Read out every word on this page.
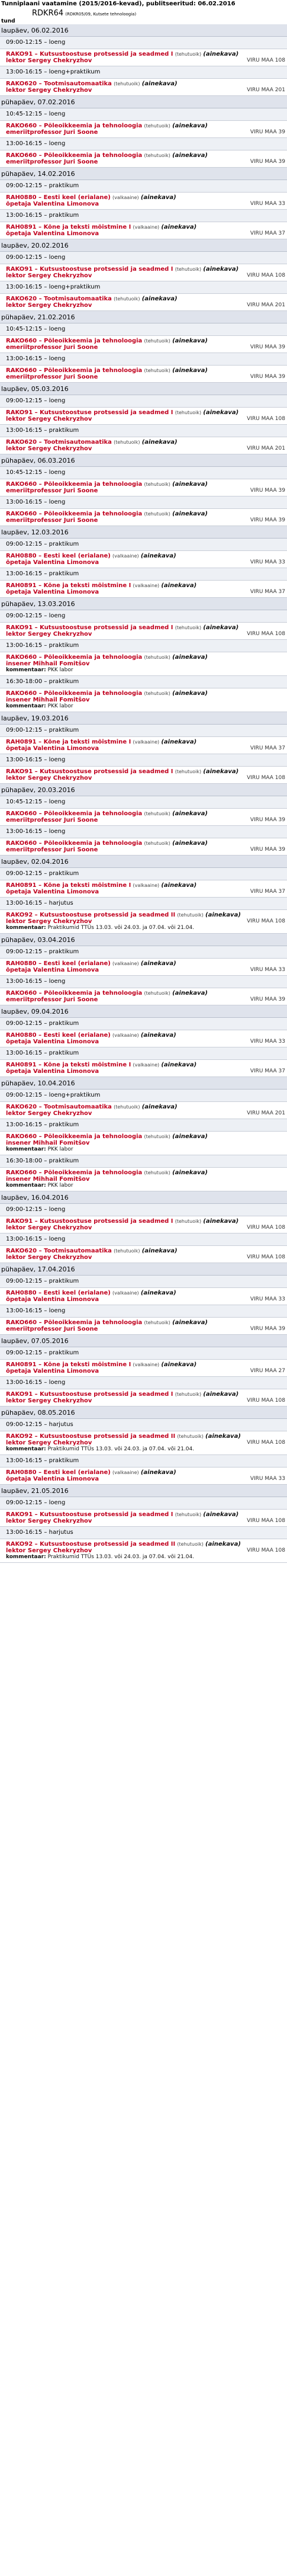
Tunniplaani vaatamine (2015/2016-kevad), publitseeritud: 06.02.2016
RDKR64 (RDKR05/09, Kutsete tehnoloogia)
tund
laupäev, 06.02.2016
09:00-12:15 – loeng
RAKO91 – Kutsustoostuse protsessid ja seadmed I (tehutuoik) (ainekava)
lektor Sergey Chekryzhov	VIRU MAA 108
13:00-16:15 – loeng+praktikum
RAKO620 – Tootmisautomaatika (tehutuoik) (ainekava)
lektor Sergey Chekryzhov	VIRU MAA 201
pühapäev, 07.02.2016
10:45-12:15 – loeng
RAKO660 – Pöleoikkeemia ja tehnoloogia (tehutuoik) (ainekava)
emeriitprofessor Juri Soone	VIRU MAA 39
13:00-16:15 – loeng
RAKO660 – Pöleoikkeemia ja tehnoloogia (tehutuoik) (ainekava)
emeriitprofessor Juri Soone	VIRU MAA 39
pühapäev, 14.02.2016
09:00-12:15 – praktikum
RAH0880 – Eesti keel (erialane) (valkaaine) (ainekava)
õpetaja Valentina Limonova	VIRU MAA 33
13:00-16:15 – praktikum
RAH0891 – Kõne ja teksti mõistmine I (valkaaine) (ainekava)
õpetaja Valentina Limonova	VIRU MAA 37
laupäev, 20.02.2016
09:00-12:15 – loeng
RAKO91 – Kutsustoostuse protsessid ja seadmed I (tehutuoik) (ainekava)
lektor Sergey Chekryzhov	VIRU MAA 108
13:00-16:15 – loeng+praktikum
RAKO620 – Tootmisautomaatika (tehutuoik) (ainekava)
lektor Sergey Chekryzhov	VIRU MAA 201
pühapäev, 21.02.2016
10:45-12:15 – loeng
RAKO660 – Pöleoikkeemia ja tehnoloogia (tehutuoik) (ainekava)
emeriitprofessor Juri Soone	VIRU MAA 39
13:00-16:15 – loeng
RAKO660 – Pöleoikkeemia ja tehnoloogia (tehutuoik) (ainekava)
emeriitprofessor Juri Soone	VIRU MAA 39
laupäev, 05.03.2016
09:00-12:15 – loeng
RAKO91 – Kutsustoostuse protsessid ja seadmed I (tehutuoik) (ainekava)
lektor Sergey Chekryzhov	VIRU MAA 108
13:00-16:15 – praktikum
RAKO620 – Tootmisautomaatika (tehutuoik) (ainekava)
lektor Sergey Chekryzhov	VIRU MAA 201
pühapäev, 06.03.2016
10:45-12:15 – loeng
RAKO660 – Pöleoikkeemia ja tehnoloogia (tehutuoik) (ainekava)
emeriitprofessor Juri Soone	VIRU MAA 39
13:00-16:15 – loeng
RAKO660 – Pöleoikkeemia ja tehnoloogia (tehutuoik) (ainekava)
emeriitprofessor Juri Soone	VIRU MAA 39
laupäev, 12.03.2016
09:00-12:15 – praktikum
RAH0880 – Eesti keel (erialane) (valkaaine) (ainekava)
õpetaja Valentina Limonova	VIRU MAA 33
13:00-16:15 – praktikum
RAH0891 – Kõne ja teksti mõistmine I (valkaaine) (ainekava)
õpetaja Valentina Limonova	VIRU MAA 37
pühapäev, 13.03.2016
09:00-12:15 – loeng
RAKO91 – Kutsustoostuse protsessid ja seadmed I (tehutuoik) (ainekava)
lektor Sergey Chekryzhov	VIRU MAA 108
13:00-16:15 – praktikum
RAKO660 – Pöleoikkeemia ja tehnoloogia (tehutuoik) (ainekava)
insener Mihhail Fomitšov
kommentaar: PKK labor
16:30-18:00 – praktikum
RAKO660 – Pöleoikkeemia ja tehnoloogia (tehutuoik) (ainekava)
insener Mihhail Fomitšov
kommentaar: PKK labor
laupäev, 19.03.2016
09:00-12:15 – praktikum
RAH0891 – Kõne ja teksti mõistmine I (valkaaine) (ainekava)
õpetaja Valentina Limonova	VIRU MAA 37
13:00-16:15 – loeng
RAKO91 – Kutsustoostuse protsessid ja seadmed I (tehutuoik) (ainekava)
lektor Sergey Chekryzhov	VIRU MAA 108
pühapäev, 20.03.2016
10:45-12:15 – loeng
RAKO660 – Pöleoikkeemia ja tehnoloogia (tehutuoik) (ainekava)
emeriitprofessor Juri Soone	VIRU MAA 39
13:00-16:15 – loeng
RAKO660 – Pöleoikkeemia ja tehnoloogia (tehutuoik) (ainekava)
emeriitprofessor Juri Soone	VIRU MAA 39
laupäev, 02.04.2016
09:00-12:15 – praktikum
RAH0891 – Kõne ja teksti mõistmine I (valkaaine) (ainekava)
õpetaja Valentina Limonova	VIRU MAA 37
13:00-16:15 – harjutus
RAKO92 – Kutsustoostuse protsessid ja seadmed II (tehutuoik) (ainekava)
lektor Sergey Chekryzhov	VIRU MAA 108
kommentaar: Praktikumid TTÜs 13.03. või 24.03. ja 07.04. või 21.04.
pühapäev, 03.04.2016
09:00-12:15 – praktikum
RAH0880 – Eesti keel (erialane) (valkaaine) (ainekava)
õpetaja Valentina Limonova	VIRU MAA 33
13:00-16:15 – loeng
RAKO660 – Pöleoikkeemia ja tehnoloogia (tehutuoik) (ainekava)
emeriitprofessor Juri Soone	VIRU MAA 39
laupäev, 09.04.2016
09:00-12:15 – praktikum
RAH0880 – Eesti keel (erialane) (valkaaine) (ainekava)
õpetaja Valentina Limonova	VIRU MAA 33
13:00-16:15 – praktikum
RAH0891 – Kõne ja teksti mõistmine I (valkaaine) (ainekava)
õpetaja Valentina Limonova	VIRU MAA 37
pühapäev, 10.04.2016
09:00-12:15 – loeng+praktikum
RAKO620 – Tootmisautomaatika (tehutuoik) (ainekava)
lektor Sergey Chekryzhov	VIRU MAA 201
13:00-16:15 – praktikum
RAKO660 – Pöleoikkeemia ja tehnoloogia (tehutuoik) (ainekava)
insener Mihhail Fomitšov
kommentaar: PKK labor
16:30-18:00 – praktikum
RAKO660 – Pöleoikkeemia ja tehnoloogia (tehutuoik) (ainekava)
insener Mihhail Fomitšov
kommentaar: PKK labor
laupäev, 16.04.2016
09:00-12:15 – loeng
RAKO91 – Kutsustoostuse protsessid ja seadmed I (tehutuoik) (ainekava)
lektor Sergey Chekryzhov	VIRU MAA 108
13:00-16:15 – loeng
RAKO620 – Tootmisautomaatika (tehutuoik) (ainekava)
lektor Sergey Chekryzhov	VIRU MAA 108
pühapäev, 17.04.2016
09:00-12:15 – praktikum
RAH0880 – Eesti keel (erialane) (valkaaine) (ainekava)
õpetaja Valentina Limonova	VIRU MAA 33
13:00-16:15 – loeng
RAKO660 – Pöleoikkeemia ja tehnoloogia (tehutuoik) (ainekava)
emeriitprofessor Juri Soone	VIRU MAA 39
laupäev, 07.05.2016
09:00-12:15 – praktikum
RAH0891 – Kõne ja teksti mõistmine I (valkaaine) (ainekava)
õpetaja Valentina Limonova	VIRU MAA 27
13:00-16:15 – loeng
RAKO91 – Kutsustoostuse protsessid ja seadmed I (tehutuoik) (ainekava)
lektor Sergey Chekryzhov	VIRU MAA 108
pühapäev, 08.05.2016
09:00-12:15 – harjutus
RAKO92 – Kutsustoostuse protsessid ja seadmed II (tehutuoik) (ainekava)
lektor Sergey Chekryzhov	VIRU MAA 108
kommentaar: Praktikumid TTÜs 13.03. või 24.03. ja 07.04. või 21.04.
13:00-16:15 – praktikum
RAH0880 – Eesti keel (erialane) (valkaaine) (ainekava)
õpetaja Valentina Limonova	VIRU MAA 33
laupäev, 21.05.2016
09:00-12:15 – loeng
RAKO91 – Kutsustoostuse protsessid ja seadmed I (tehutuoik) (ainekava)
lektor Sergey Chekryzhov	VIRU MAA 108
13:00-16:15 – harjutus
RAKO92 – Kutsustoostuse protsessid ja seadmed II (tehutuoik) (ainekava)
lektor Sergey Chekryzhov	VIRU MAA 108
kommentaar: Praktikumid TTÜs 13.03. või 24.03. ja 07.04. või 21.04.
